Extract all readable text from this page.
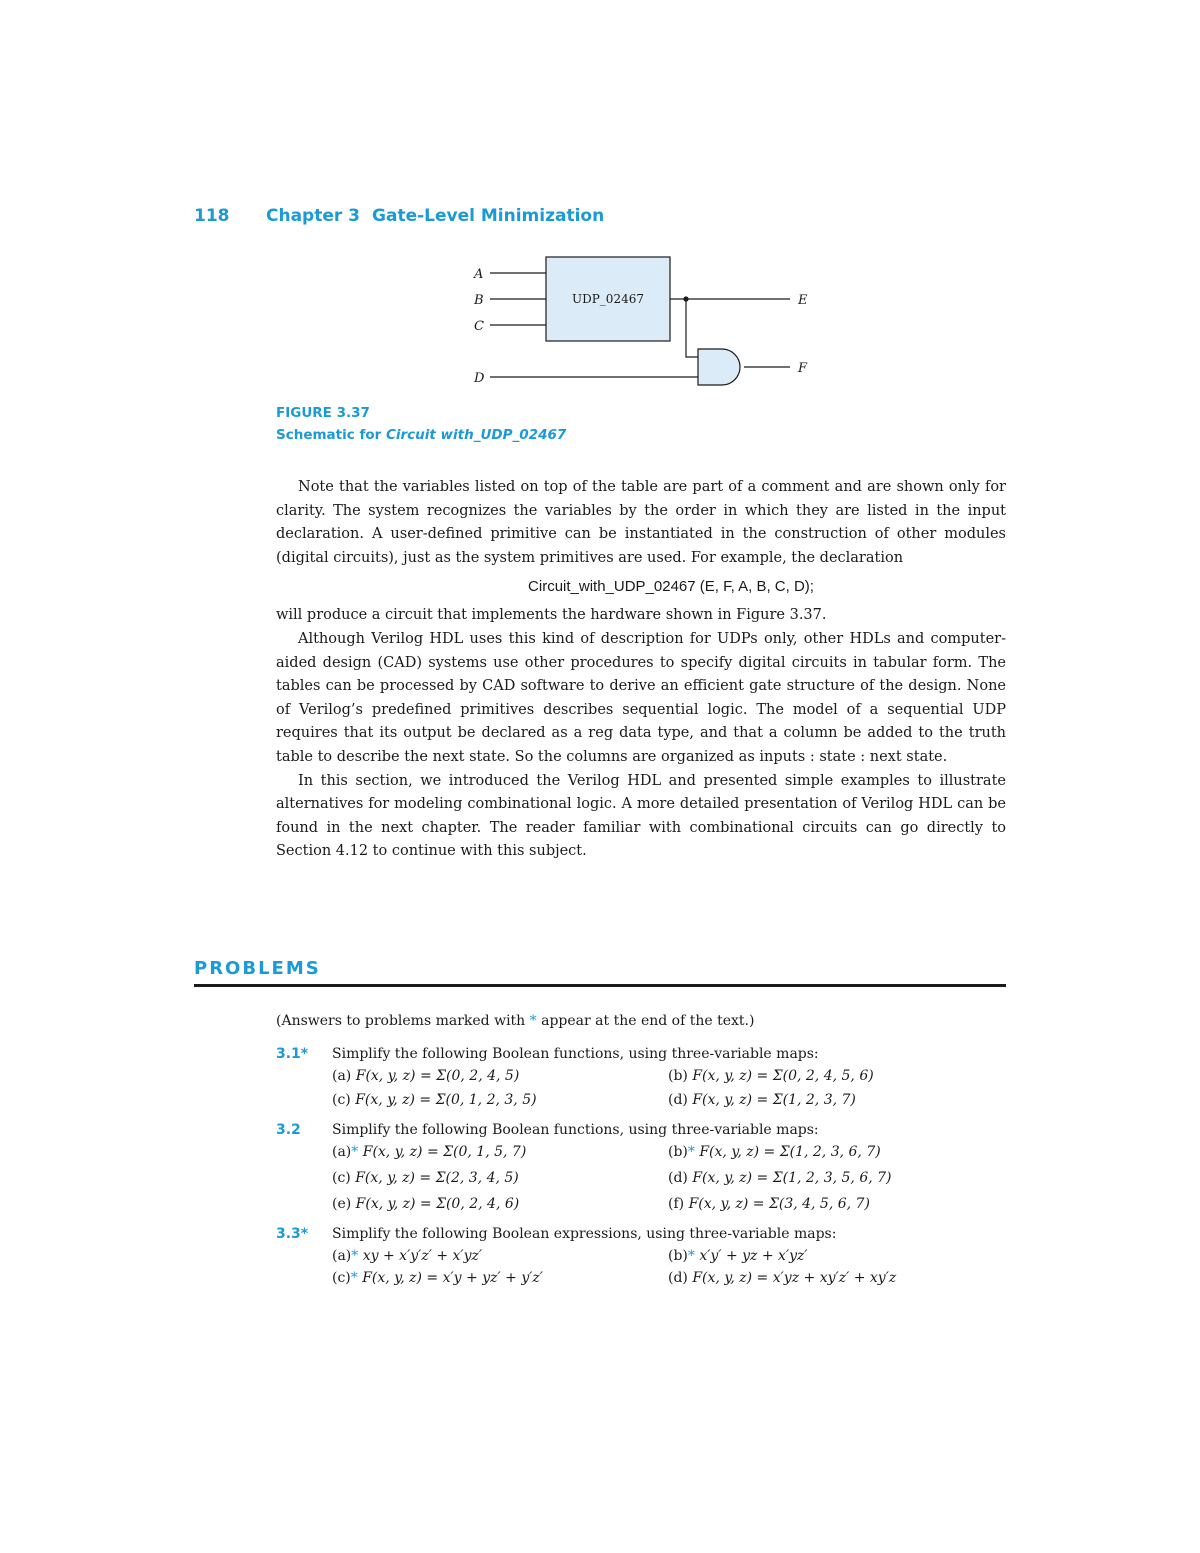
118 Chapter 3 Gate-Level Minimization
A
B
C
D
E
F
UDP_02467
FIGURE 3.37
Schematic for Circuit with_UDP_02467

Note that the variables listed on top of the table are part of a comment and are shown only for clarity. The system recognizes the variables by the order in which they are listed in the input declaration. A user-defined primitive can be instantiated in the construction of other modules (digital circuits), just as the system primitives are used. For example, the declaration

Circuit_with_UDP_02467 (E, F, A, B, C, D);

will produce a circuit that implements the hardware shown in Figure 3.37.

Although Verilog HDL uses this kind of description for UDPs only, other HDLs and computer-aided design (CAD) systems use other procedures to specify digital circuits in tabular form. The tables can be processed by CAD software to derive an efficient gate structure of the design. None of Verilog’s predefined primitives describes sequential logic. The model of a sequential UDP requires that its output be declared as a reg data type, and that a column be added to the truth table to describe the next state. So the columns are organized as inputs : state : next state.

In this section, we introduced the Verilog HDL and presented simple examples to illustrate alternatives for modeling combinational logic. A more detailed presentation of Verilog HDL can be found in the next chapter. The reader familiar with combinational circuits can go directly to Section 4.12 to continue with this subject.

PROBLEMS
(Answers to problems marked with * appear at the end of the text.)
3.1* Simplify the following Boolean functions, using three-variable maps:
(a) F(x, y, z) = Σ(0, 2, 4, 5)	(b) F(x, y, z) = Σ(0, 2, 4, 5, 6)
(c) F(x, y, z) = Σ(0, 1, 2, 3, 5)	(d) F(x, y, z) = Σ(1, 2, 3, 7)
3.2 Simplify the following Boolean functions, using three-variable maps:
(a)* F(x, y, z) = Σ(0, 1, 5, 7)	(b)* F(x, y, z) = Σ(1, 2, 3, 6, 7)
(c) F(x, y, z) = Σ(2, 3, 4, 5)	(d) F(x, y, z) = Σ(1, 2, 3, 5, 6, 7)
(e) F(x, y, z) = Σ(0, 2, 4, 6)	(f) F(x, y, z) = Σ(3, 4, 5, 6, 7)
3.3* Simplify the following Boolean expressions, using three-variable maps:
(a)* xy + x′y′z′ + x′yz′	(b)* x′y′ + yz + x′yz′
(c)* F(x, y, z) = x′y + yz′ + y′z′	(d) F(x, y, z) = x′yz + xy′z′ + xy′z
